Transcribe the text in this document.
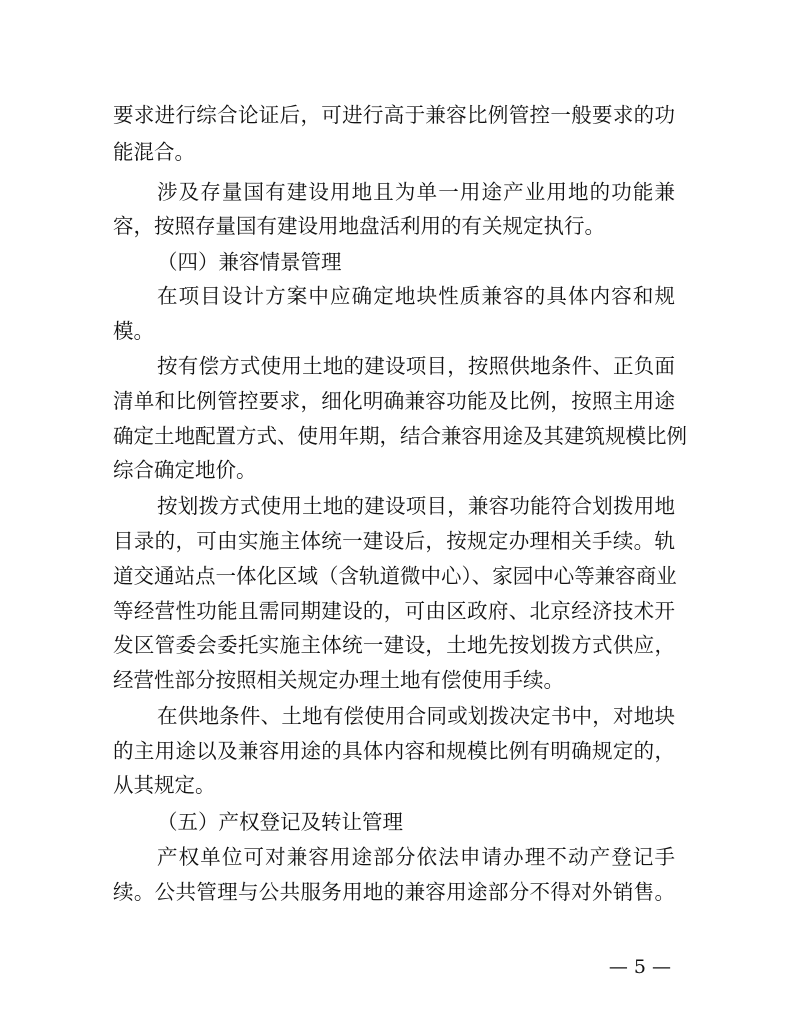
要求进行综合论证后，可进行高于兼容比例管控一般要求的功
能混合。
涉及存量国有建设用地且为单一用途产业用地的功能兼
容，按照存量国有建设用地盘活利用的有关规定执行。
（四）兼容情景管理
在项目设计方案中应确定地块性质兼容的具体内容和规
模。
按有偿方式使用土地的建设项目，按照供地条件、正负面
清单和比例管控要求，细化明确兼容功能及比例，按照主用途
确定土地配置方式、使用年期，结合兼容用途及其建筑规模比例
综合确定地价。
按划拨方式使用土地的建设项目，兼容功能符合划拨用地
目录的，可由实施主体统一建设后，按规定办理相关手续。轨
道交通站点一体化区域（含轨道微中心）、家园中心等兼容商业
等经营性功能且需同期建设的，可由区政府、北京经济技术开
发区管委会委托实施主体统一建设，土地先按划拨方式供应，
经营性部分按照相关规定办理土地有偿使用手续。
在供地条件、土地有偿使用合同或划拨决定书中，对地块
的主用途以及兼容用途的具体内容和规模比例有明确规定的，
从其规定。
（五）产权登记及转让管理
产权单位可对兼容用途部分依法申请办理不动产登记手
续。公共管理与公共服务用地的兼容用途部分不得对外销售。
— 5 —
